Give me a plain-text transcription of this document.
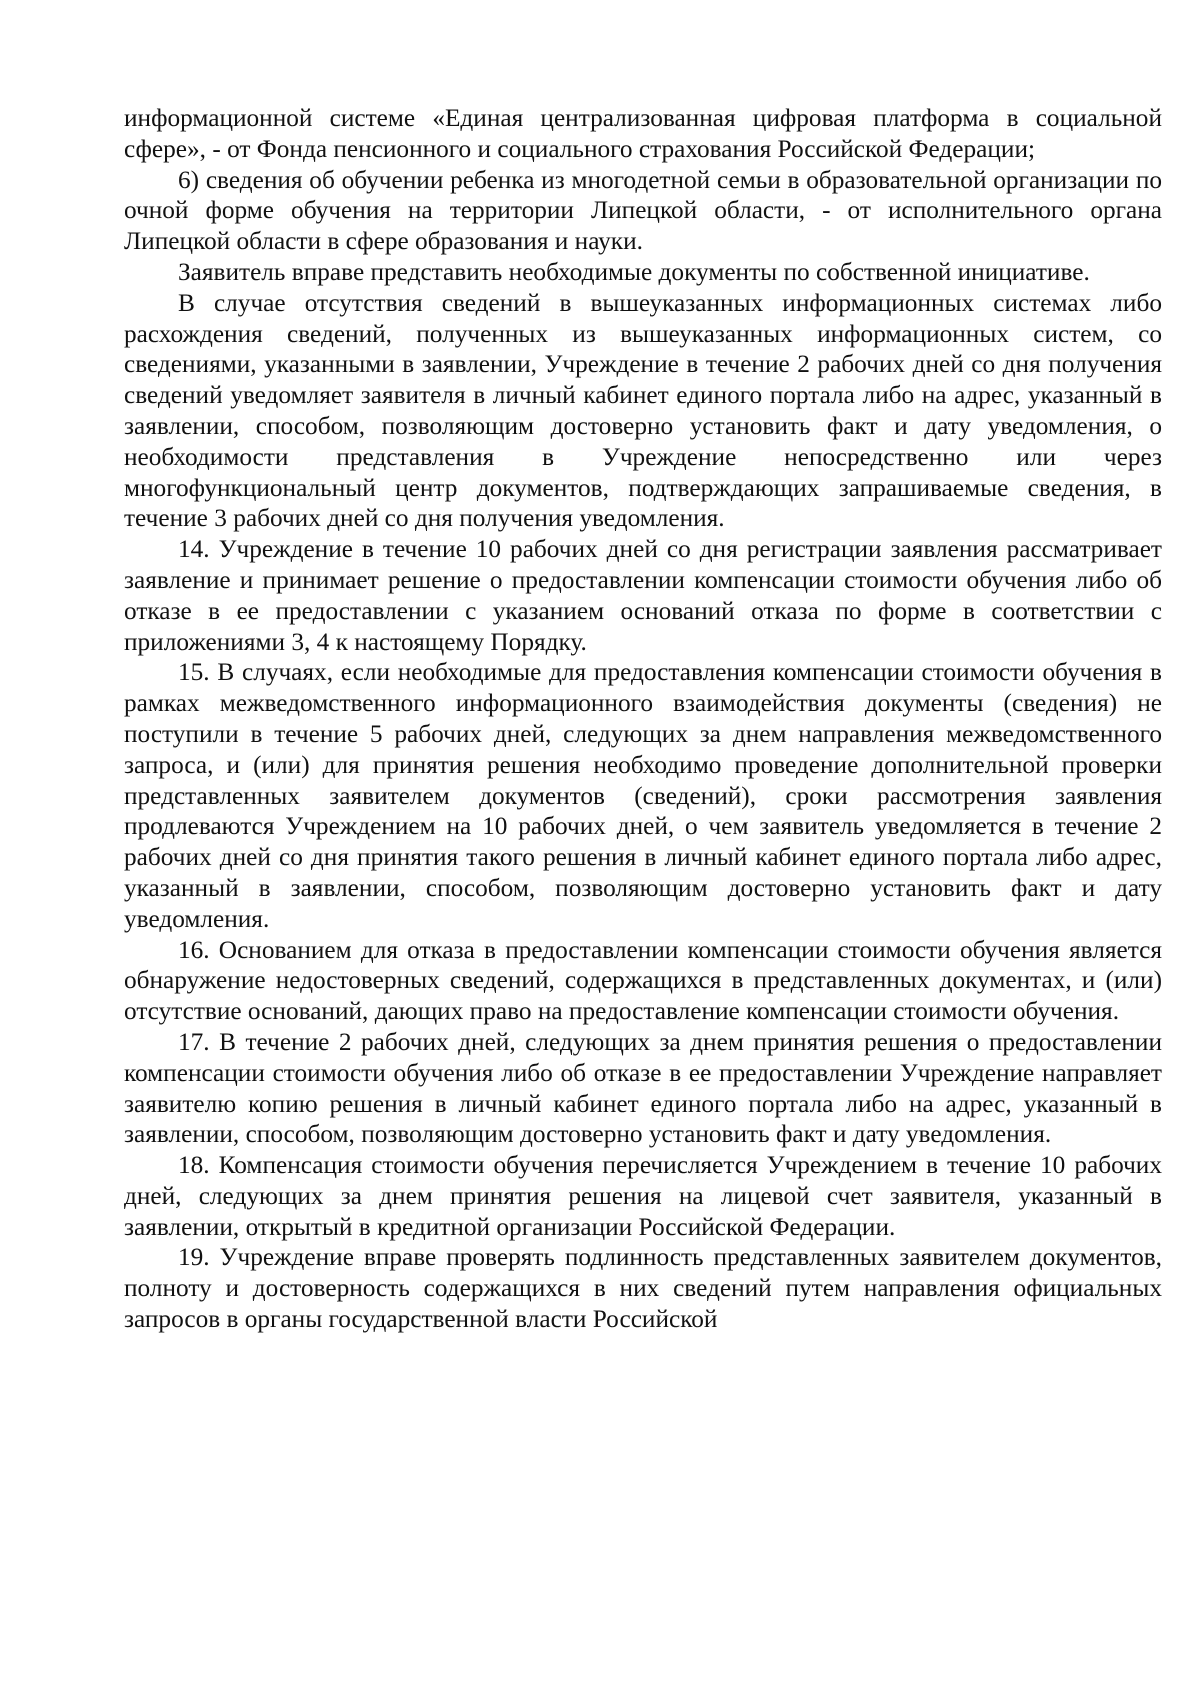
информационной системе «Единая централизованная цифровая платформа в социальной сфере», - от Фонда пенсионного и социального страхования Российской Федерации;

6) сведения об обучении ребенка из многодетной семьи в образовательной организации по очной форме обучения на территории Липецкой области, - от исполнительного органа Липецкой области в сфере образования и науки.

Заявитель вправе представить необходимые документы по собственной инициативе.

В случае отсутствия сведений в вышеуказанных информационных системах либо расхождения сведений, полученных из вышеуказанных информационных систем, со сведениями, указанными в заявлении, Учреждение в течение 2 рабочих дней со дня получения сведений уведомляет заявителя в личный кабинет единого портала либо на адрес, указанный в заявлении, способом, позволяющим достоверно установить факт и дату уведомления, о необходимости представления в Учреждение непосредственно или через многофункциональный центр документов, подтверждающих запрашиваемые сведения, в течение 3 рабочих дней со дня получения уведомления.

14. Учреждение в течение 10 рабочих дней со дня регистрации заявления рассматривает заявление и принимает решение о предоставлении компенсации стоимости обучения либо об отказе в ее предоставлении с указанием оснований отказа по форме в соответствии с приложениями 3, 4 к настоящему Порядку.

15. В случаях, если необходимые для предоставления компенсации стоимости обучения в рамках межведомственного информационного взаимодействия документы (сведения) не поступили в течение 5 рабочих дней, следующих за днем направления межведомственного запроса, и (или) для принятия решения необходимо проведение дополнительной проверки представленных заявителем документов (сведений), сроки рассмотрения заявления продлеваются Учреждением на 10 рабочих дней, о чем заявитель уведомляется в течение 2 рабочих дней со дня принятия такого решения в личный кабинет единого портала либо адрес, указанный в заявлении, способом, позволяющим достоверно установить факт и дату уведомления.

16. Основанием для отказа в предоставлении компенсации стоимости обучения является обнаружение недостоверных сведений, содержащихся в представленных документах, и (или) отсутствие оснований, дающих право на предоставление компенсации стоимости обучения.

17. В течение 2 рабочих дней, следующих за днем принятия решения о предоставлении компенсации стоимости обучения либо об отказе в ее предоставлении Учреждение направляет заявителю копию решения в личный кабинет единого портала либо на адрес, указанный в заявлении, способом, позволяющим достоверно установить факт и дату уведомления.

18. Компенсация стоимости обучения перечисляется Учреждением в течение 10 рабочих дней, следующих за днем принятия решения на лицевой счет заявителя, указанный в заявлении, открытый в кредитной организации Российской Федерации.

19. Учреждение вправе проверять подлинность представленных заявителем документов, полноту и достоверность содержащихся в них сведений путем направления официальных запросов в органы государственной власти Российской
